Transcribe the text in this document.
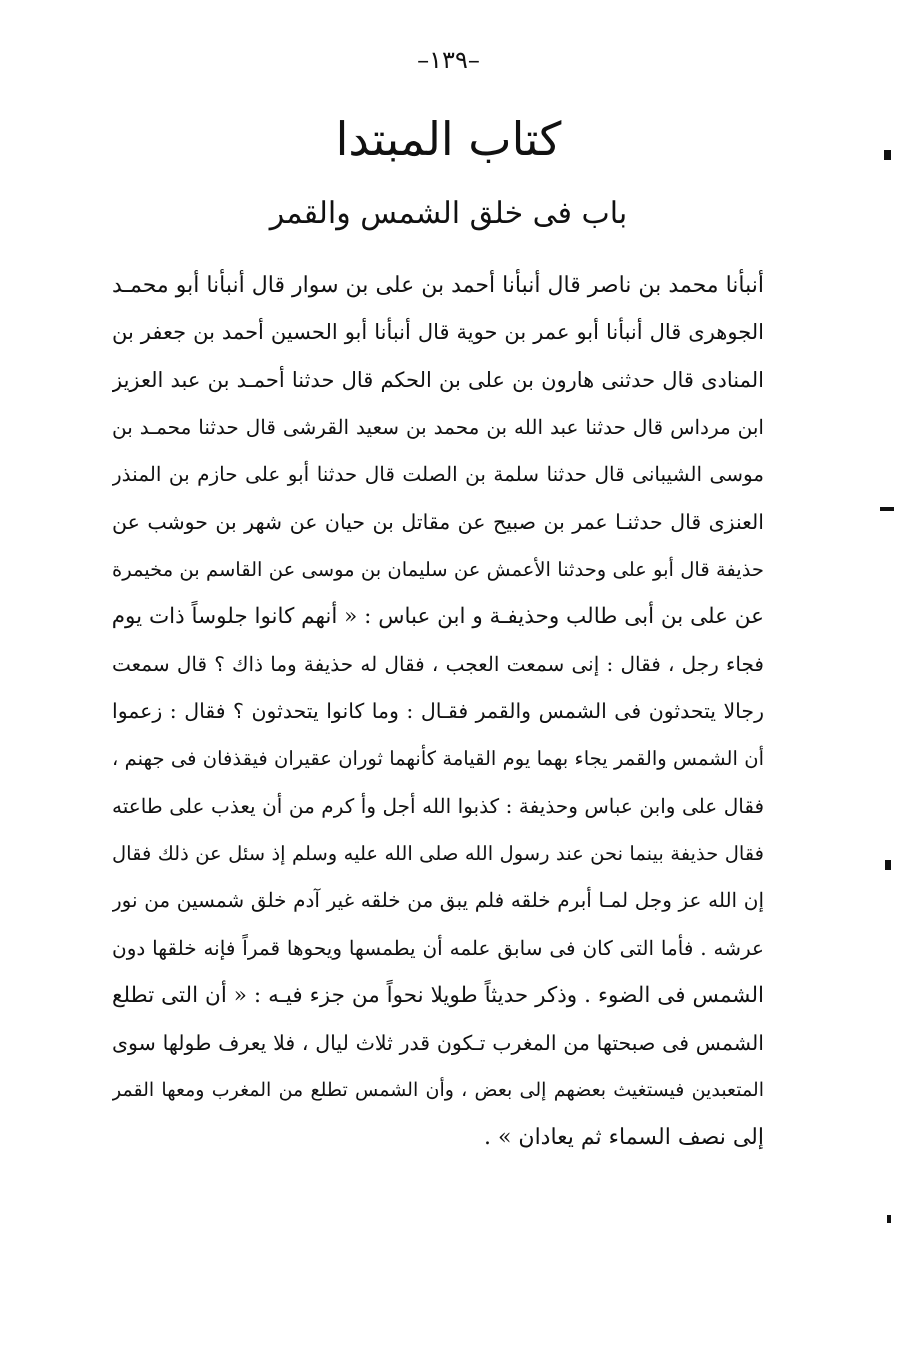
–١٣٩–
كتاب المبتدا
باب فى خلق الشمس والقمر
أنبأنا محمد بن ناصر قال أنبأنا أحمد بن على بن سوار قال أنبأنا أبو محمـد
الجوهرى قال أنبأنا أبو عمر بن حوية قال أنبأنا أبو الحسين أحمد بن جعفر بن
المنادى قال حدثنى هارون بن على بن الحكم قال حدثنا أحمـد بن عبد العزيز
ابن مرداس قال حدثنا عبد الله بن محمد بن سعيد القرشى قال حدثنا محمـد بن
موسى الشيبانى قال حدثنا سلمة بن الصلت قال حدثنا أبو على حازم بن المنذر
العنزى قال حدثنـا عمر بن صبيح عن مقاتل بن حيان عن شهر بن حوشب عن
حذيفة قال أبو على وحدثنا الأعمش عن سليمان بن موسى عن القاسم بن مخيمرة
عن على بن أبى طالب وحذيفـة و ابن عباس : « أنهم كانوا جلوساً ذات يوم
فجاء رجل ، فقال : إنى سمعت العجب ، فقال له حذيفة وما ذاك ؟ قال سمعت
رجالا يتحدثون فى الشمس والقمر فقـال : وما كانوا يتحدثون ؟ فقال : زعموا
أن الشمس والقمر يجاء بهما يوم القيامة كأنهما ثوران عقيران فيقذفان فى جهنم ،
فقال على وابن عباس وحذيفة : كذبوا الله أجل وأ كرم من أن يعذب على طاعته
فقال حذيفة بينما نحن عند رسول الله صلى الله عليه وسلم إذ سئل عن ذلك فقال
إن الله عز وجل لمـا أبرم خلقه فلم يبق من خلقه غير آدم خلق شمسين من نور
عرشه . فأما التى كان فى سابق علمه أن يطمسها ويحوها قمراً فإنه خلقها دون
الشمس فى الضوء . وذكر حديثاً طويلا نحواً من جزء فيـه : « أن التى تطلع
الشمس فى صبحتها من المغرب تـكون قدر ثلاث ليال ، فلا يعرف طولها سوى
المتعبدين فيستغيث بعضهم إلى بعض ، وأن الشمس تطلع من المغرب ومعها القمر
إلى نصف السماء ثم يعادان » .
